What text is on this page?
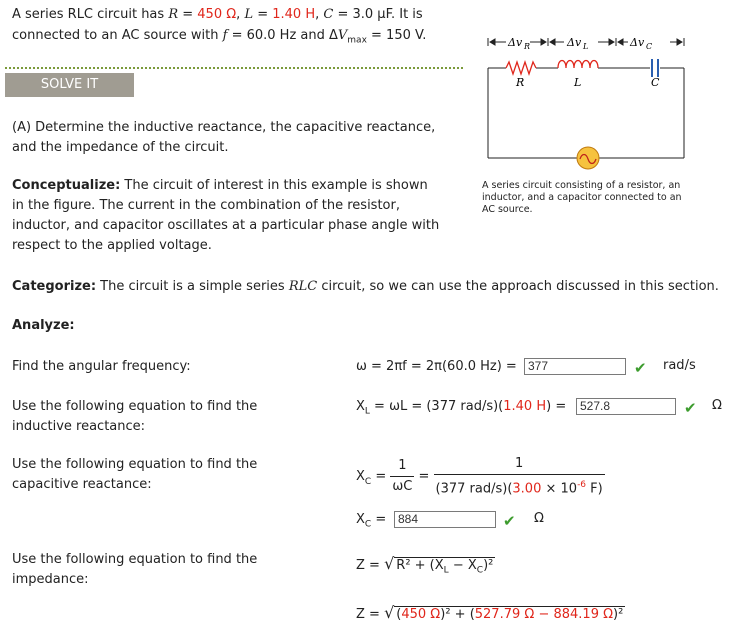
A series RLC circuit has R = 450 Ω, L = 1.40 H, C = 3.0 μF. It is connected to an AC source with f = 60.0 Hz and $\Delta V_{max} = 150$ V.
SOLVE IT
Δv R	Δv L	Δv C
R	L	C
A series circuit consisting of a resistor, an inductor, and a capacitor connected to an AC source.
(A) Determine the inductive reactance, the capacitive reactance, and the impedance of the circuit.
Conceptualize: The circuit of interest in this example is shown in the figure. The current in the combination of the resistor, inductor, and capacitor oscillates at a particular phase angle with respect to the applied voltage.
Categorize: The circuit is a simple series RLC circuit, so we can use the approach discussed in this section.
Analyze:
Find the angular frequency:	ω = 2πf = 2π(60.0 Hz) =
377	✔ rad/s
Use the following equation to find the inductive reactance:
$X_L = \omega L = (377$ rad/s)(1.40 H) =
527.8	✔ Ω
Use the following equation to find the capacitive reactance:
$X_C = \frac{1}{\omega C} = \frac{1}{(377 rad/s)(3.00 \times 10^{-6} F)}$
$X_C$ =
884	✔ Ω
Use the following equation to find the impedance:
Z = √ $R^2 + (X_L - X_C)^2$
Z = √ (450 Ω)² + (527.79 Ω − 884.19 Ω)²
